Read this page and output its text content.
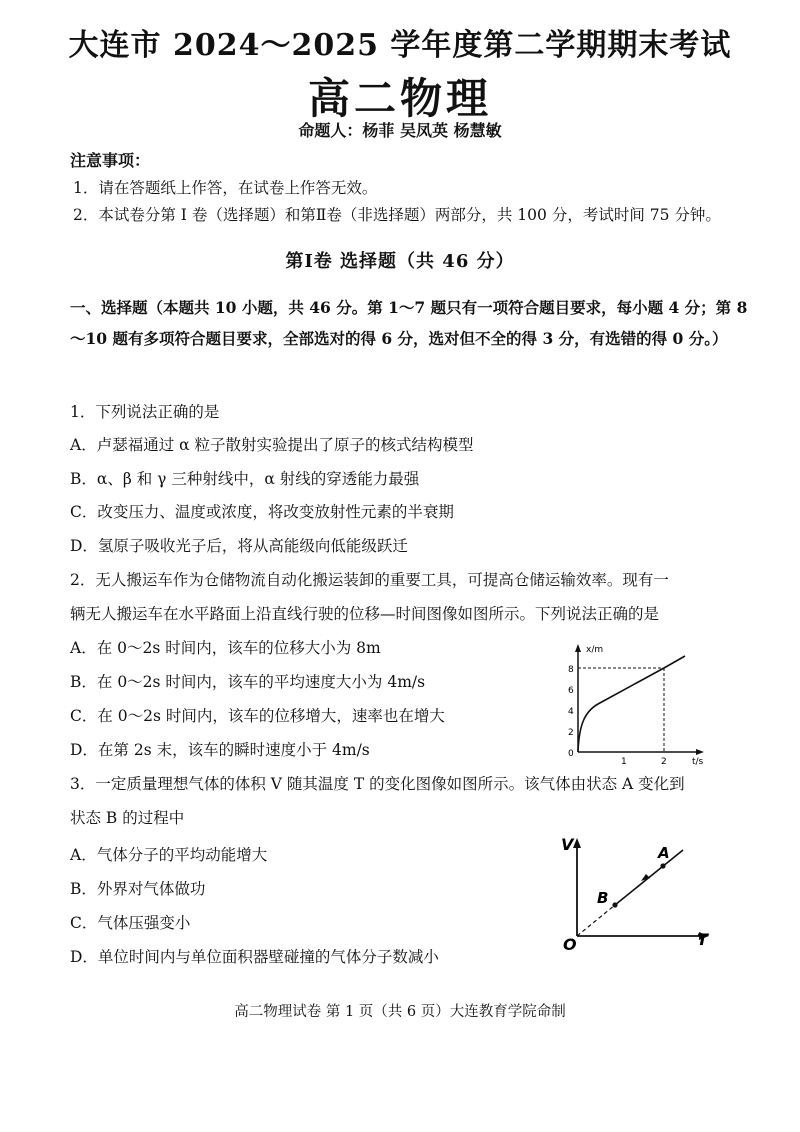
大连市 2024～2025 学年度第二学期期末考试
高二物理
命题人：杨菲 吴凤英 杨慧敏
注意事项：
1．请在答题纸上作答，在试卷上作答无效。
2．本试卷分第 I 卷（选择题）和第Ⅱ卷（非选择题）两部分，共 100 分，考试时间 75 分钟。
第Ⅰ卷 选择题（共 46 分）
一、选择题（本题共 10 小题，共 46 分。第 1～7 题只有一项符合题目要求，每小题 4 分；第 8～10 题有多项符合题目要求，全部选对的得 6 分，选对但不全的得 3 分，有选错的得 0 分。）
1．下列说法正确的是
A．卢瑟福通过 α 粒子散射实验提出了原子的核式结构模型
B．α、β 和 γ 三种射线中，α 射线的穿透能力最强
C．改变压力、温度或浓度，将改变放射性元素的半衰期
D．氢原子吸收光子后，将从高能级向低能级跃迁
2．无人搬运车作为仓储物流自动化搬运装卸的重要工具，可提高仓储运输效率。现有一
辆无人搬运车在水平路面上沿直线行驶的位移—时间图像如图所示。下列说法正确的是
A．在 0～2s 时间内，该车的位移大小为 8m
B．在 0～2s 时间内，该车的平均速度大小为 4m/s
C．在 0～2s 时间内，该车的位移增大，速率也在增大
D．在第 2s 末，该车的瞬时速度小于 4m/s
x/m
t/s
0
2
4
6
8
1	2
3．一定质量理想气体的体积 V 随其温度 T 的变化图像如图所示。该气体由状态 A 变化到
状态 B 的过程中
A．气体分子的平均动能增大
B．外界对气体做功
C．气体压强变小
D．单位时间内与单位面积器壁碰撞的气体分子数减小
V
T
O
A
B
高二物理试卷 第 1 页（共 6 页）大连教育学院命制
